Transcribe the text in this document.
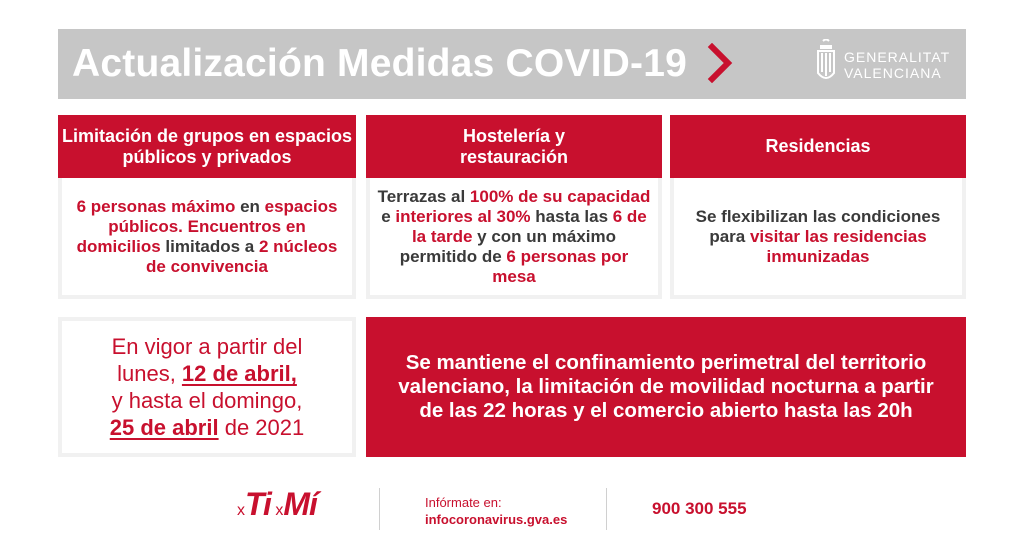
Actualización Medidas COVID-19	GENERALITAT
VALENCIANA
Limitación de grupos en espacios públicos y privados
6 personas máximo en espacios públicos. Encuentros en domicilios limitados a 2 núcleos de convivencia
Hostelería y restauración
Terrazas al 100% de su capacidad e interiores al 30% hasta las 6 de la tarde y con un máximo permitido de 6 personas por mesa
Residencias
Se flexibilizan las condiciones para visitar las residencias inmunizadas
En vigor a partir del
lunes, 12 de abril,
y hasta el domingo,
25 de abril de 2021
Se mantiene el confinamiento perimetral del territorio valenciano, la limitación de movilidad nocturna a partir de las 22 horas y el comercio abierto hasta las 20h
xTi xMí	Infórmate en:
infocoronavirus.gva.es
900 300 555
